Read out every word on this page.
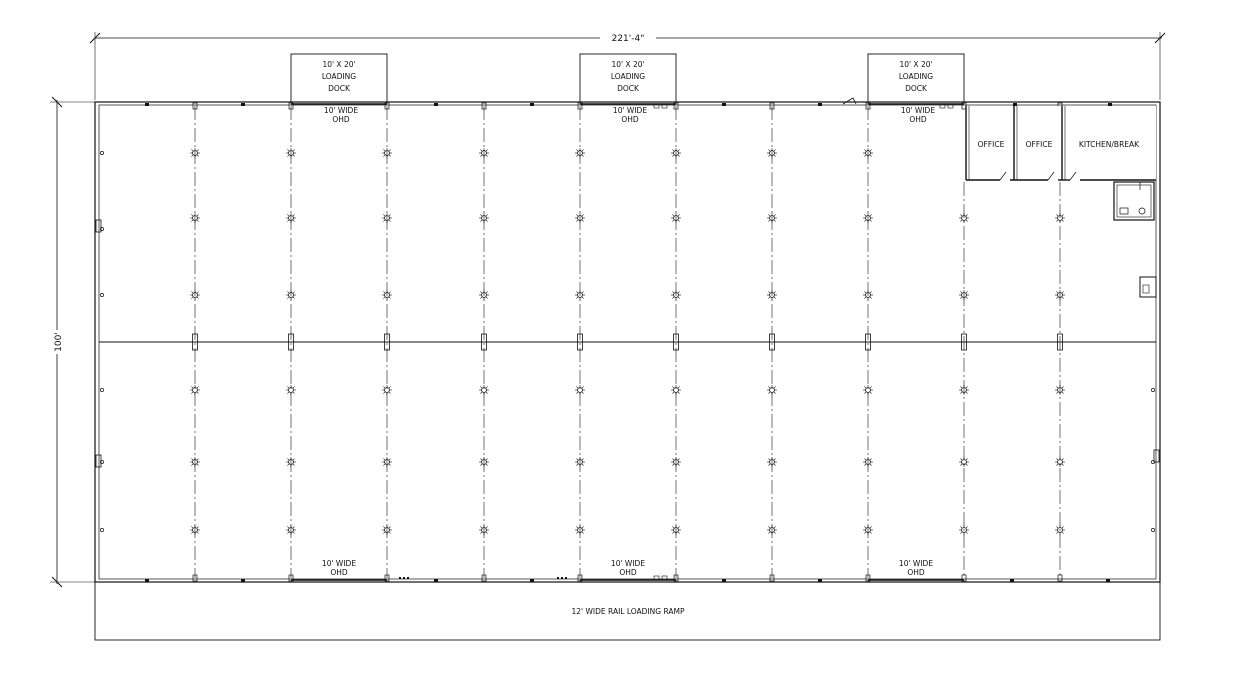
221'-4"
100'
12' WIDE RAIL LOADING RAMP
10' X 20'
LOADING
DOCK
10' X 20'
LOADING
DOCK
10' X 20'
LOADING
DOCK
10' WIDE
OHD
10' WIDE
OHD
10' WIDE
OHD
10' WIDE
OHD
10' WIDE
OHD
10' WIDE
OHD
OFFICE	OFFICE	KITCHEN/BREAK
